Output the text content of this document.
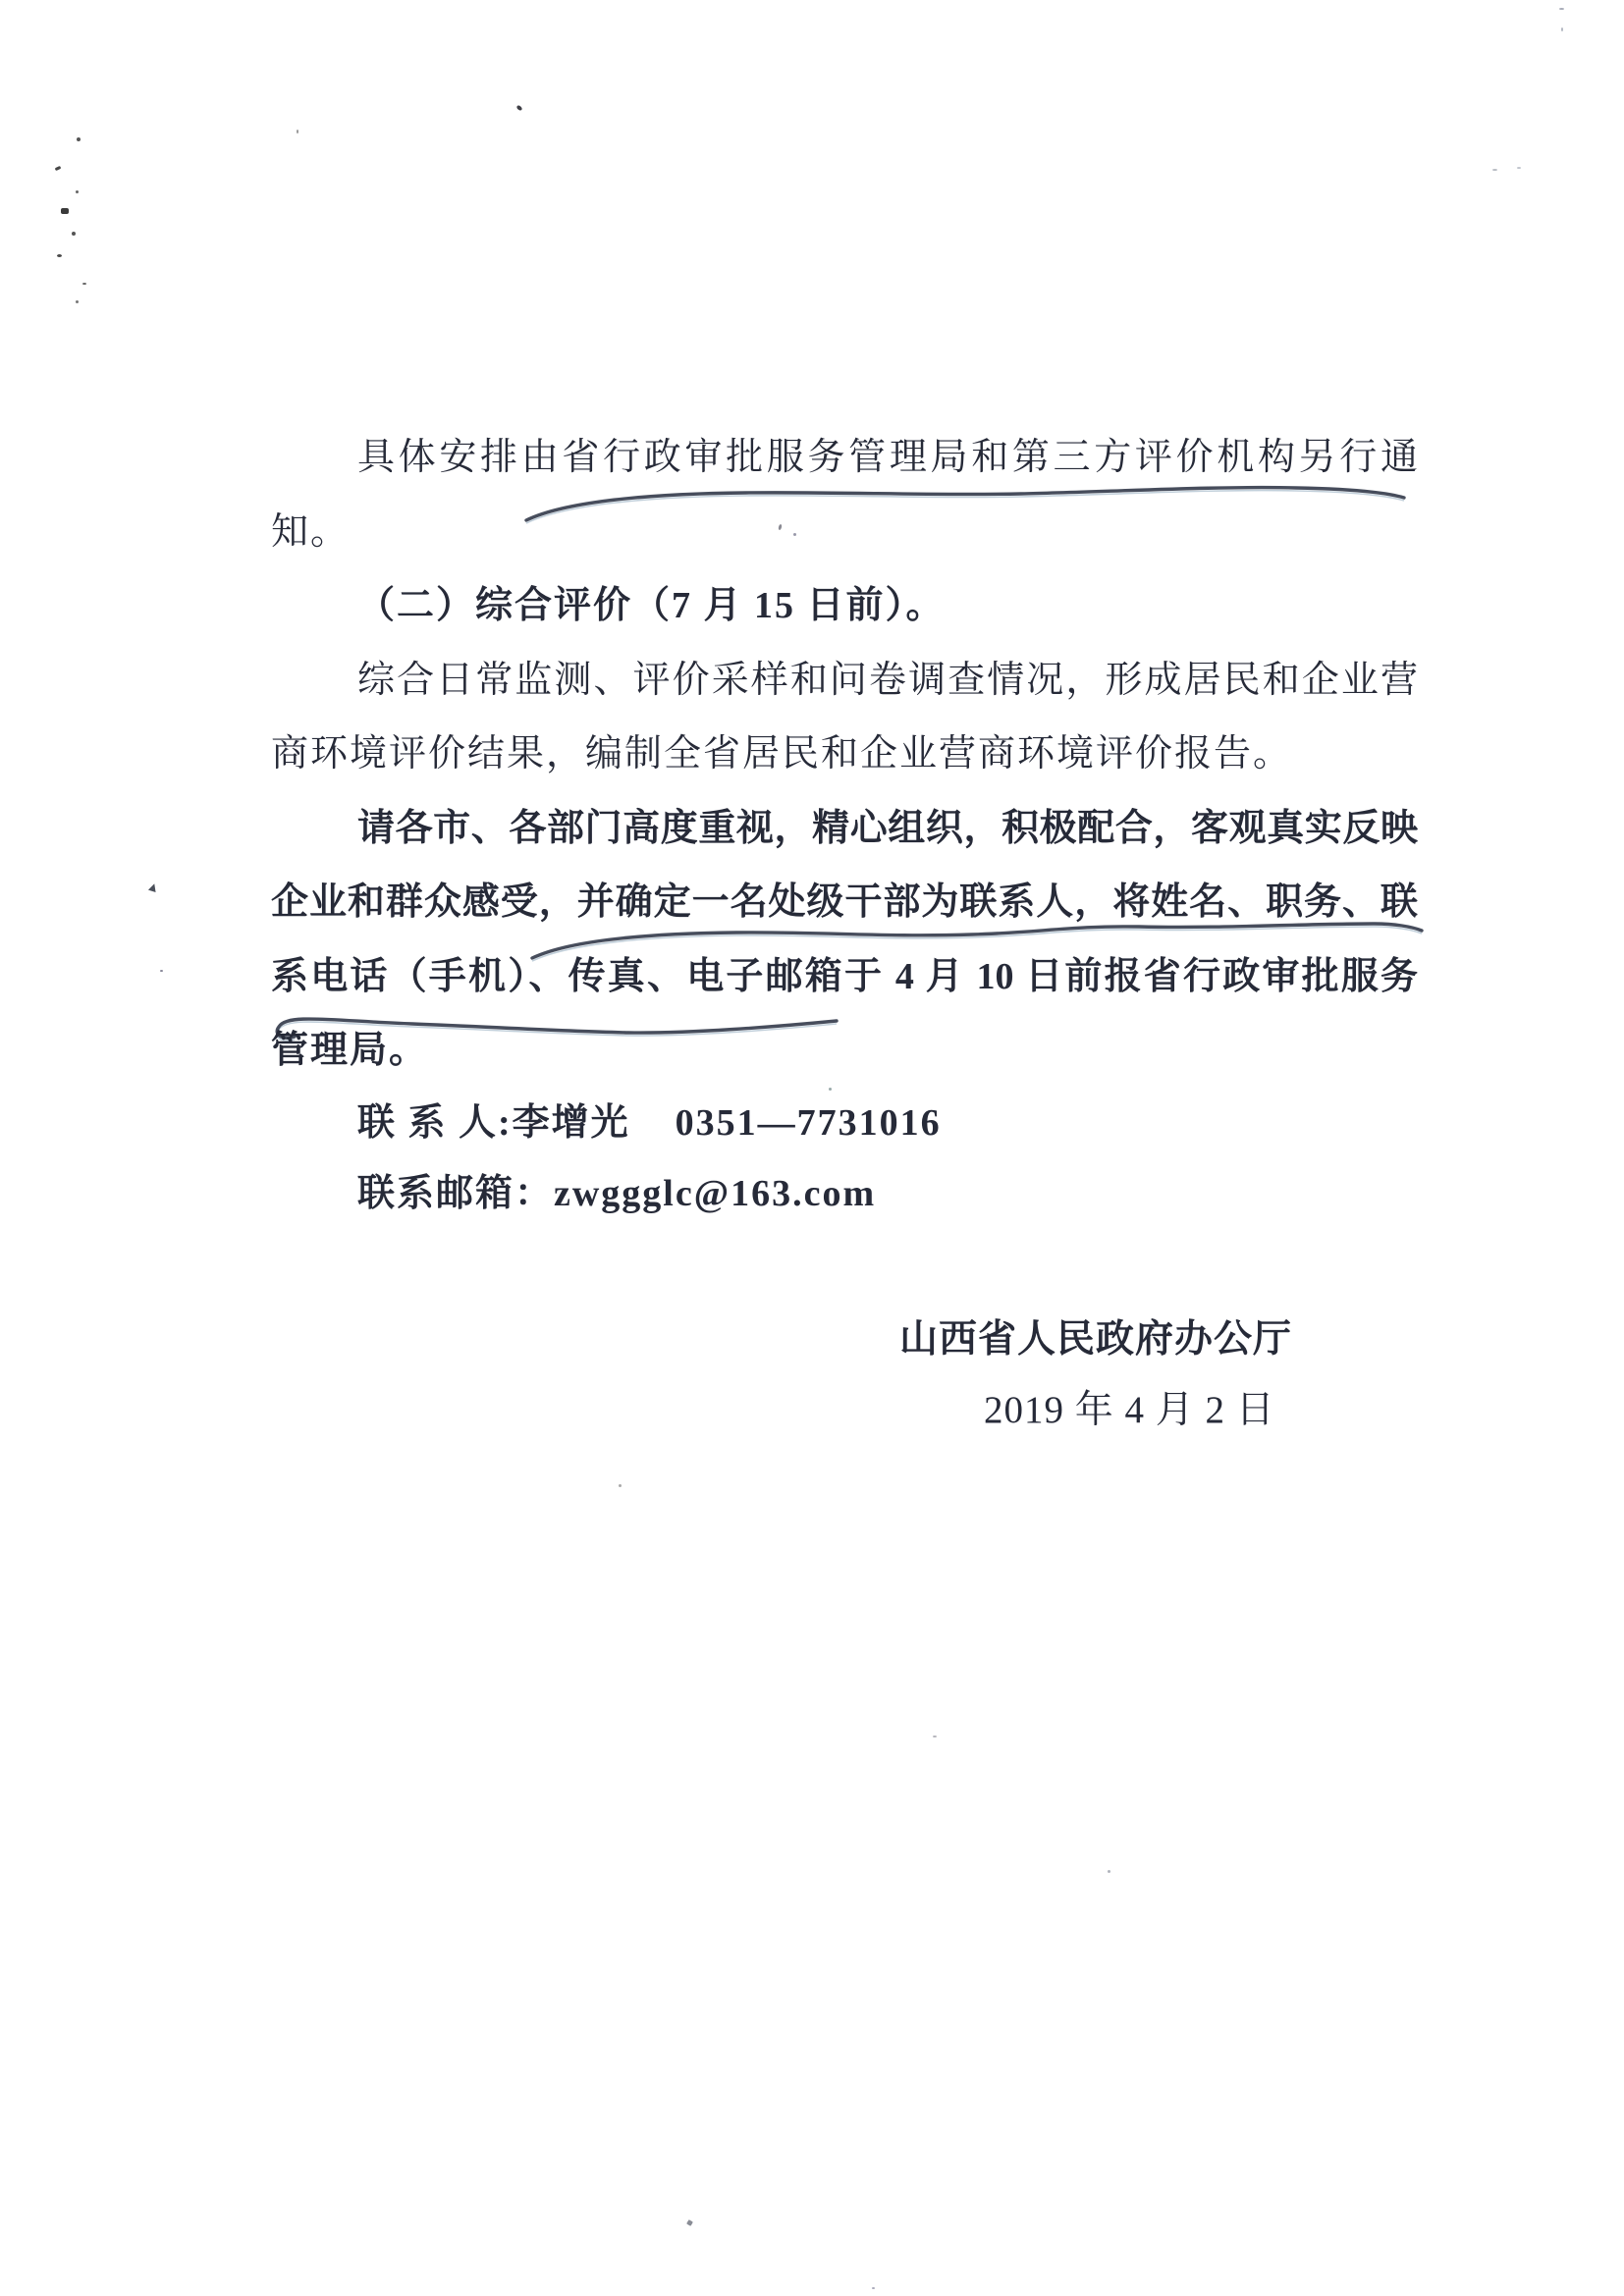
具体安排由省行政审批服务管理局和第三方评价机构另行通
知。
（二）综合评价（7 月 15 日前）。
综合日常监测、评价采样和问卷调查情况，形成居民和企业营
商环境评价结果，编制全省居民和企业营商环境评价报告。
请各市、各部门高度重视，精心组织，积极配合，客观真实反映
企业和群众感受，并确定一名处级干部为联系人，将姓名、职务、联
系电话（手机）、传真、电子邮箱于 4 月 10 日前报省行政审批服务
管理局。
联 系 人:李增光    0351—7731016
联系邮箱：zwggglc@163.com
山西省人民政府办公厅
2019 年 4 月 2 日
